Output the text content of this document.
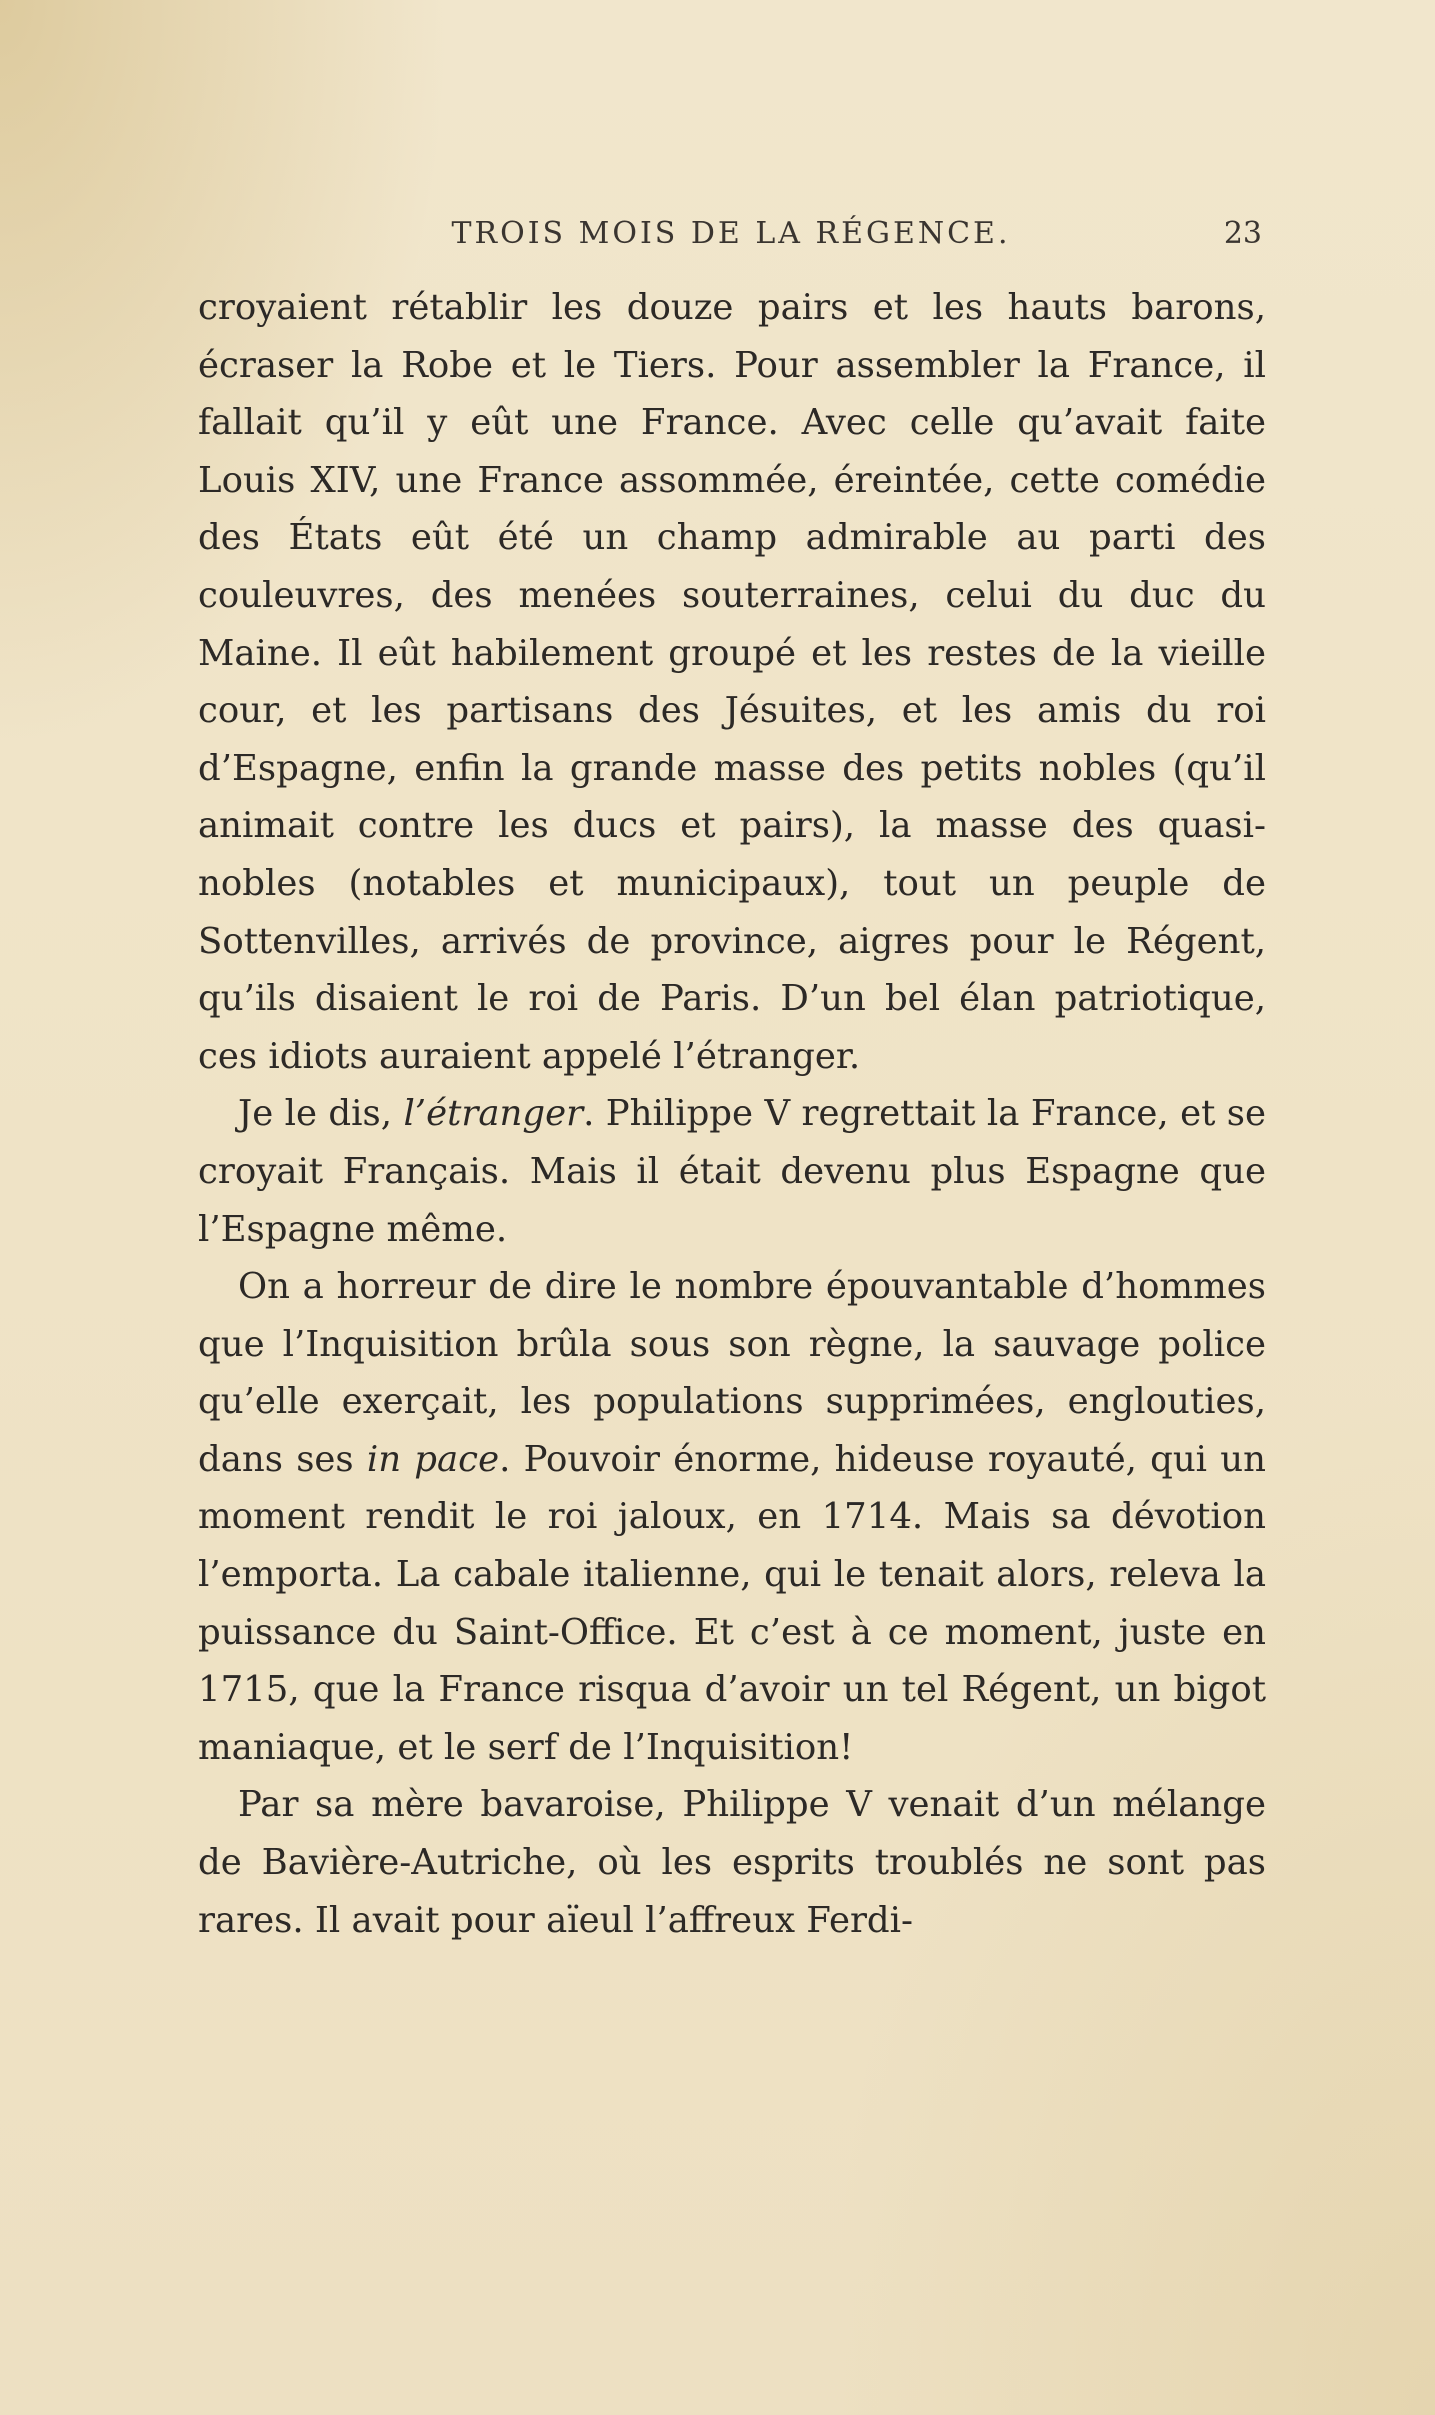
TROIS MOIS DE LA RÉGENCE.	23

croyaient rétablir les douze pairs et les hauts barons, écraser la Robe et le Tiers. Pour assembler la France, il fallait qu’il y eût une France. Avec celle qu’avait faite Louis XIV, une France assommée, éreintée, cette comédie des États eût été un champ admirable au parti des couleuvres, des menées souterraines, celui du duc du Maine. Il eût habilement groupé et les restes de la vieille cour, et les partisans des Jésuites, et les amis du roi d’Espagne, enfin la grande masse des petits nobles (qu’il animait contre les ducs et pairs), la masse des quasi-nobles (notables et municipaux), tout un peuple de Sottenvilles, arrivés de province, aigres pour le Régent, qu’ils disaient le roi de Paris. D’un bel élan patriotique, ces idiots auraient appelé l’étranger.

Je le dis, l’étranger. Philippe V regrettait la France, et se croyait Français. Mais il était devenu plus Espagne que l’Espagne même.

On a horreur de dire le nombre épouvantable d’hommes que l’Inquisition brûla sous son règne, la sauvage police qu’elle exerçait, les populations supprimées, englouties, dans ses in pace. Pouvoir énorme, hideuse royauté, qui un moment rendit le roi jaloux, en 1714. Mais sa dévotion l’emporta. La cabale italienne, qui le tenait alors, releva la puissance du Saint-Office. Et c’est à ce moment, juste en 1715, que la France risqua d’avoir un tel Régent, un bigot maniaque, et le serf de l’Inquisition!

Par sa mère bavaroise, Philippe V venait d’un mélange de Bavière-Autriche, où les esprits troublés ne sont pas rares. Il avait pour aïeul l’affreux Ferdi-
